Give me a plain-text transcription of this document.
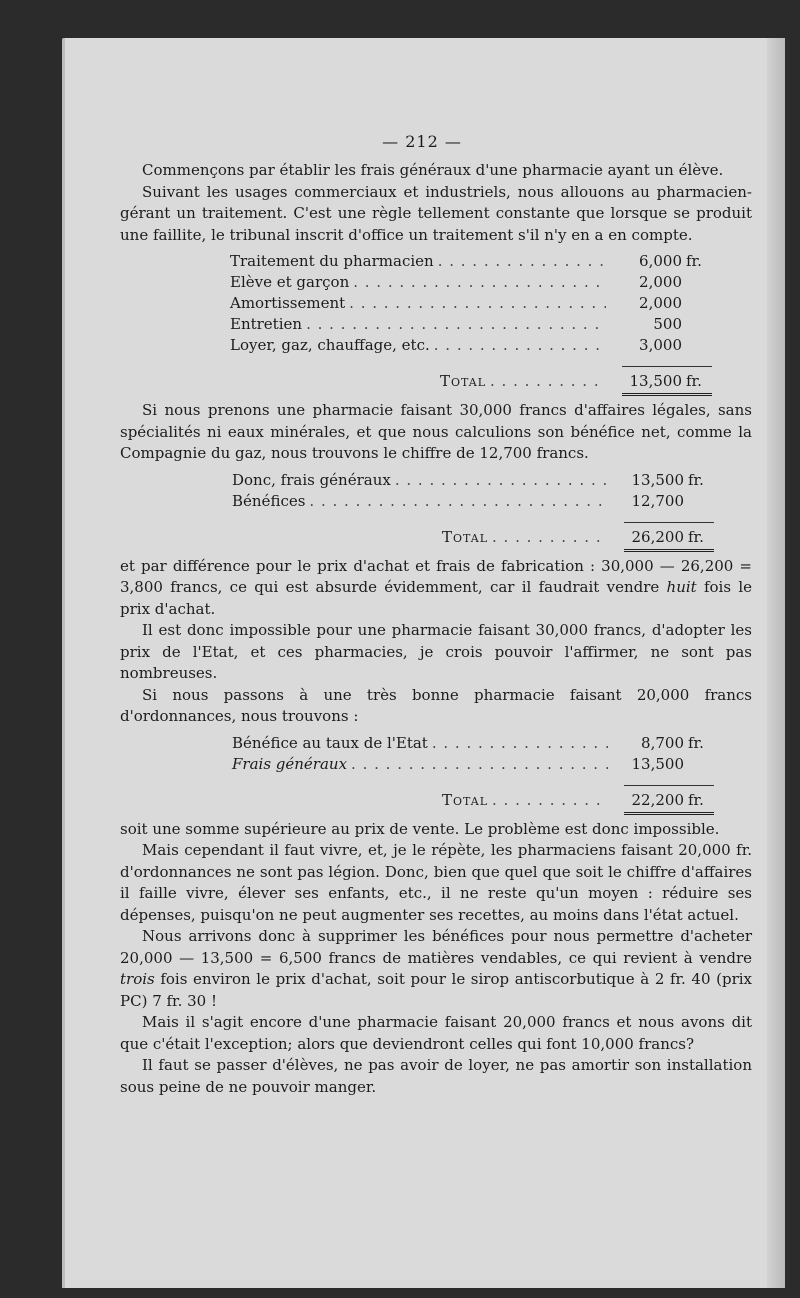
— 212 —

Commençons par établir les frais généraux d'une pharmacie ayant un élève.

Suivant les usages commerciaux et industriels, nous allouons au pharmacien-gérant un traitement. C'est une règle tellement constante que lorsque se produit une faillite, le tribunal inscrit d'office un traitement s'il n'y en a en compte.

Traitement du pharmacien . . .	6,000 fr.
Elève et garçon . . .	2,000
Amortissement . . .	2,000
Entretien . . .	500
Loyer, gaz, chauffage, etc. . . .	3,000
Total . . .	13,500 fr.

Si nous prenons une pharmacie faisant 30,000 francs d'affaires légales, sans spécialités ni eaux minérales, et que nous calculions son bénéfice net, comme la Compagnie du gaz, nous trouvons le chiffre de 12,700 francs.

Donc, frais généraux . . .	13,500 fr.
Bénéfices . . .	12,700
Total . . .	26,200 fr.

et par différence pour le prix d'achat et frais de fabrication : 30,000 — 26,200 = 3,800 francs, ce qui est absurde évidemment, car il faudrait vendre huit fois le prix d'achat.

Il est donc impossible pour une pharmacie faisant 30,000 francs, d'adopter les prix de l'Etat, et ces pharmacies, je crois pouvoir l'affirmer, ne sont pas nombreuses.

Si nous passons à une très bonne pharmacie faisant 20,000 francs d'ordonnances, nous trouvons :

Bénéfice au taux de l'Etat . . .	8,700 fr.
Frais généraux . . .	13,500
Total . . .	22,200 fr.

soit une somme supérieure au prix de vente. Le problème est donc impossible.

Mais cependant il faut vivre, et, je le répète, les pharmaciens faisant 20,000 fr. d'ordonnances ne sont pas légion. Donc, bien que quel que soit le chiffre d'affaires il faille vivre, élever ses enfants, etc., il ne reste qu'un moyen : réduire ses dépenses, puisqu'on ne peut augmenter ses recettes, au moins dans l'état actuel.

Nous arrivons donc à supprimer les bénéfices pour nous permettre d'acheter 20,000 — 13,500 = 6,500 francs de matières vendables, ce qui revient à vendre trois fois environ le prix d'achat, soit pour le sirop antiscorbutique à 2 fr. 40 (prix PC) 7 fr. 30 !

Mais il s'agit encore d'une pharmacie faisant 20,000 francs et nous avons dit que c'était l'exception; alors que deviendront celles qui font 10,000 francs?

Il faut se passer d'élèves, ne pas avoir de loyer, ne pas amortir son installation sous peine de ne pouvoir manger.
